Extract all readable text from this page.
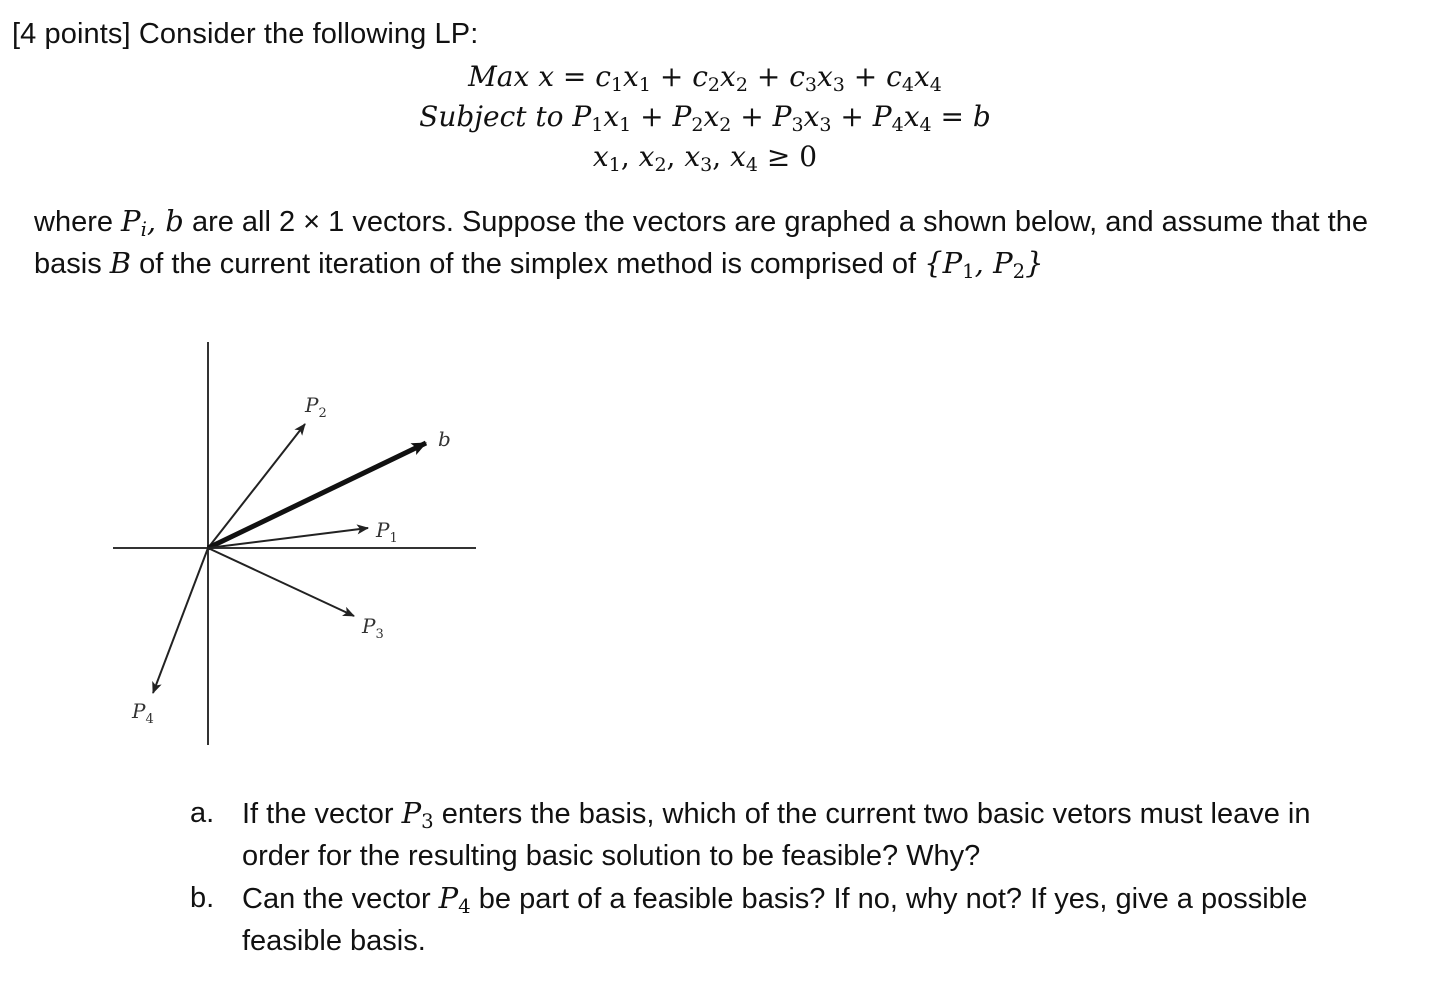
[4 points] Consider the following LP:
Max $x = c_1x_1 + c_2x_2 + c_3x_3 + c_4x_4$
Subject to $P_1x_1 + P_2x_2 + P_3x_3 + P_4x_4 = b$
$x_1$, $x_2$, $x_3$, $x_4 \ge 0$
where $P_i$, b are all 2 × 1 vectors. Suppose the vectors are graphed a shown below, and assume that the
basis B of the current iteration of the simplex method is comprised of {$P_1$, $P_2$}
$P_2$
b
$P_1$
$P_3$
$P_4$
a. If the vector $P_3$ enters the basis, which of the current two basic vetors must leave in order for the resulting basic solution to be feasible? Why?
b. Can the vector $P_4$ be part of a feasible basis? If no, why not? If yes, give a possible feasible basis.
